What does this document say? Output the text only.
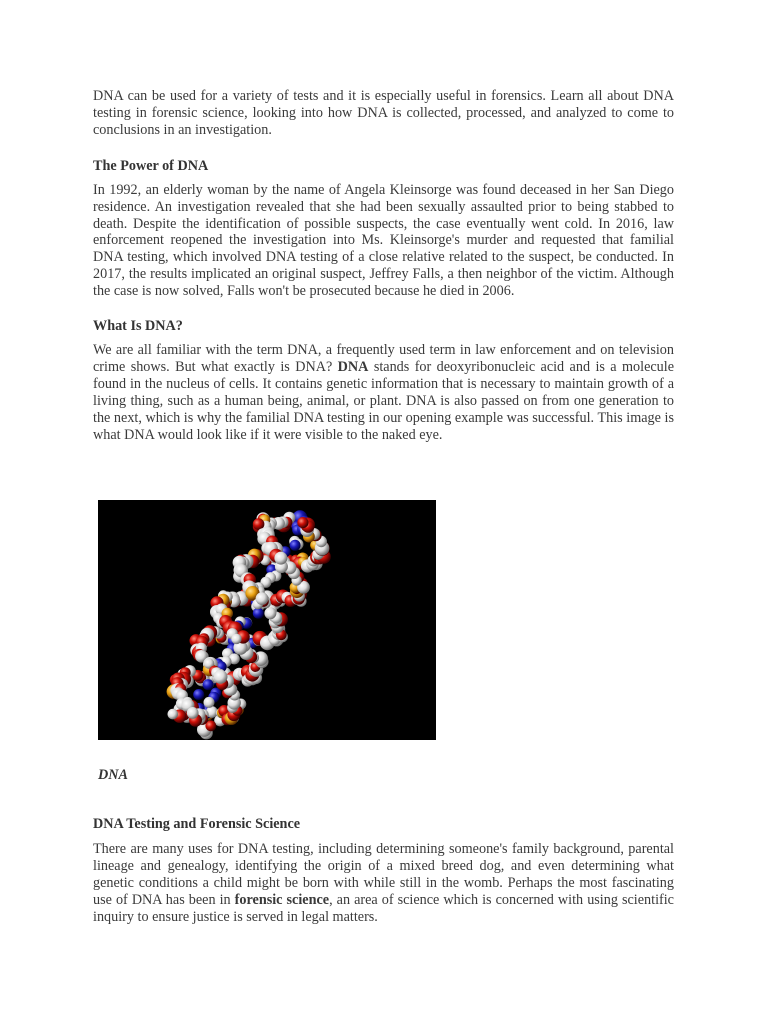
DNA can be used for a variety of tests and it is especially useful in forensics. Learn all about DNA testing in forensic science, looking into how DNA is collected, processed, and analyzed to come to conclusions in an investigation.

The Power of DNA

In 1992, an elderly woman by the name of Angela Kleinsorge was found deceased in her San Diego residence. An investigation revealed that she had been sexually assaulted prior to being stabbed to death. Despite the identification of possible suspects, the case eventually went cold. In 2016, law enforcement reopened the investigation into Ms. Kleinsorge's murder and requested that familial DNA testing, which involved DNA testing of a close relative related to the suspect, be conducted. In 2017, the results implicated an original suspect, Jeffrey Falls, a then neighbor of the victim. Although the case is now solved, Falls won't be prosecuted because he died in 2006.

What Is DNA?

We are all familiar with the term DNA, a frequently used term in law enforcement and on television crime shows. But what exactly is DNA? DNA stands for deoxyribonucleic acid and is a molecule found in the nucleus of cells. It contains genetic information that is necessary to maintain growth of a living thing, such as a human being, animal, or plant. DNA is also passed on from one generation to the next, which is why the familial DNA testing in our opening example was successful. This image is what DNA would look like if it were visible to the naked eye.

DNA
DNA Testing and Forensic Science

There are many uses for DNA testing, including determining someone's family background, parental lineage and genealogy, identifying the origin of a mixed breed dog, and even determining what genetic conditions a child might be born with while still in the womb. Perhaps the most fascinating use of DNA has been in forensic science, an area of science which is concerned with using scientific inquiry to ensure justice is served in legal matters.
